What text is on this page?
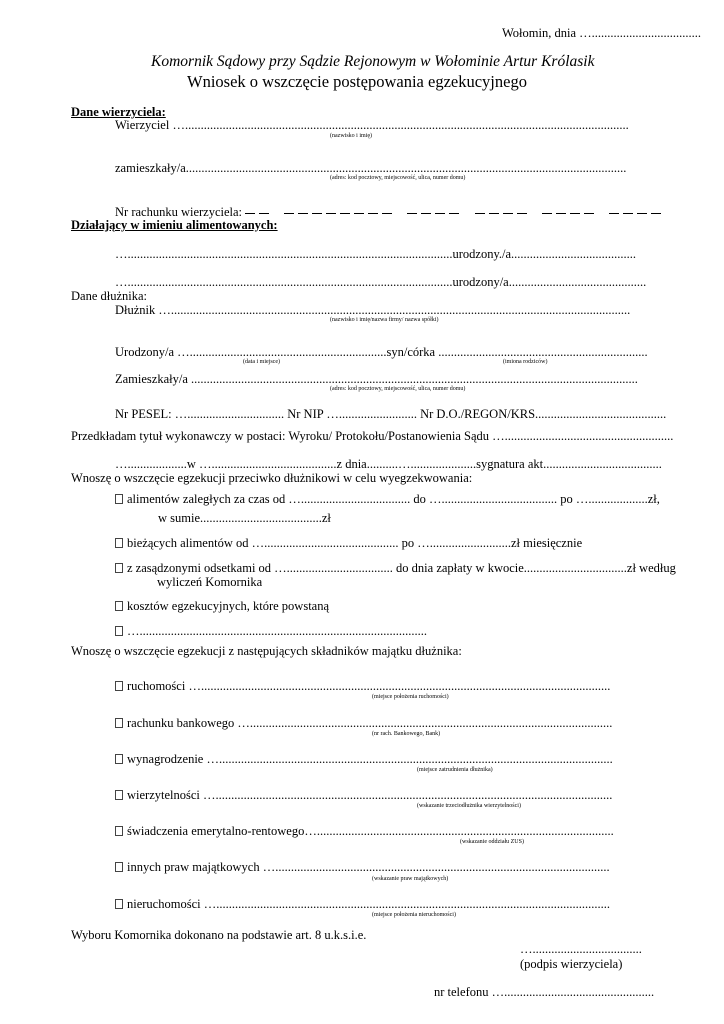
Wołomin, dnia …...................................
Komornik Sądowy przy Sądzie Rejonowym w Wołominie Artur Królasik
Wniosek o wszczęcie postępowania egzekucyjnego
Dane wierzyciela:
Wierzyciel …..............................................................................................................................................
(nazwisko i imię)
zamieszkały/a.............................................................................................................................................
(adres: kod pocztowy, miejscowość, ulica, numer domu)
Nr rachunku wierzyciela:
Działający w imieniu alimentowanych:
…........................................................................................................urodzony./a........................................
…........................................................................................................urodzony/a............................................
Dane dłużnika:
Dłużnik …...................................................................................................................................................
(nazwisko i imię/nazwa firmy/ nazwa spółki)
Urodzony/a …...............................................................syn/córka ...................................................................
(data i miejsce)	(imiona rodziców)
Zamieszkały/a ...............................................................................................................................................
(adres: kod pocztowy, miejscowość, ulica, numer domu)
Nr PESEL: …............................... Nr NIP …......................... Nr D.O./REGON/KRS..........................................
Przedkładam tytuł wykonawczy w postaci: Wyroku/ Protokołu/Postanowienia Sądu …......................................................
…...................w …........................................z dnia..........….....................sygnatura akt......................................
Wnoszę o wszczęcie egzekucji przeciwko dłużnikowi w celu wyegzekwowania:
alimentów zaległych za czas od …................................... do …..................................... po …...................zł,
w sumie.......................................zł
bieżących alimentów od …........................................... po …..........................zł miesięcznie
z zasądzonymi odsetkami od ….................................. do dnia zapłaty w kwocie.................................zł według
wyliczeń Komornika
kosztów egzekucyjnych, które powstaną
…............................................................................................
Wnoszę o wszczęcie egzekucji z następujących składników majątku dłużnika:
ruchomości …...................................................................................................................................
(miejsce położenia ruchomości)
rachunku bankowego …....................................................................................................................
(nr rach. Bankowego, Bank)
wynagrodzenie …..............................................................................................................................
(miejsce zatrudnienia dłużnika)
wierzytelności …...............................................................................................................................
(wskazanie trzeciodłużnika wierzytelności)
świadczenia emerytalno-rentowego…...............................................................................................
(wskazanie oddziału ZUS)
innych praw majątkowych …...........................................................................................................
(wskazanie praw majątkowych)
nieruchomości …..............................................................................................................................
(miejsce położenia nieruchomości)
Wyboru Komornika dokonano na podstawie art. 8 u.k.s.i.e.
…...................................
(podpis wierzyciela)
nr telefonu …................................................
